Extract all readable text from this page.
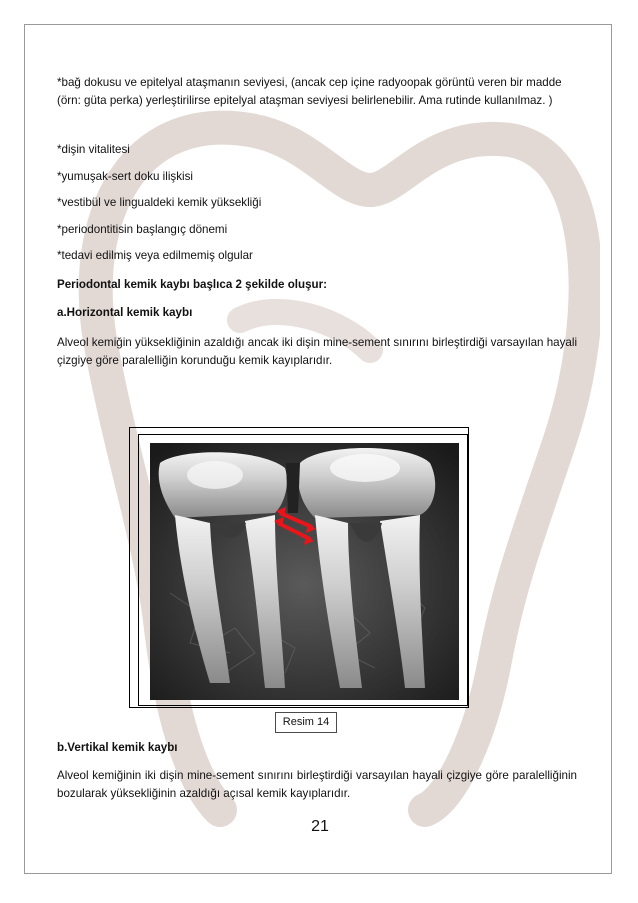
*bağ dokusu ve epitelyal ataşmanın seviyesi, (ancak cep içine radyoopak görüntü veren bir madde (örn: güta perka) yerleştirilirse epitelyal ataşman seviyesi belirlenebilir. Ama rutinde kullanılmaz. )

*dişin vitalitesi

*yumuşak-sert doku ilişkisi

*vestibül ve lingualdeki kemik yüksekliği

*periodontitisin başlangıç dönemi

*tedavi edilmiş veya edilmemiş olgular

Periodontal kemik kaybı başlıca 2 şekilde oluşur:

a.Horizontal kemik kaybı

Alveol kemiğin yüksekliğinin azaldığı ancak iki dişin mine-sement sınırını birleştirdiği varsayılan hayali çizgiye göre paralelliğin korunduğu kemik kayıplarıdır.

b.Vertikal kemik kaybı

Alveol kemiğinin iki dişin mine-sement sınırını birleştirdiği varsayılan hayali çizgiye göre paralelliğinin bozularak yüksekliğinin azaldığı açısal kemik kayıplarıdır.

Resim 14
21
